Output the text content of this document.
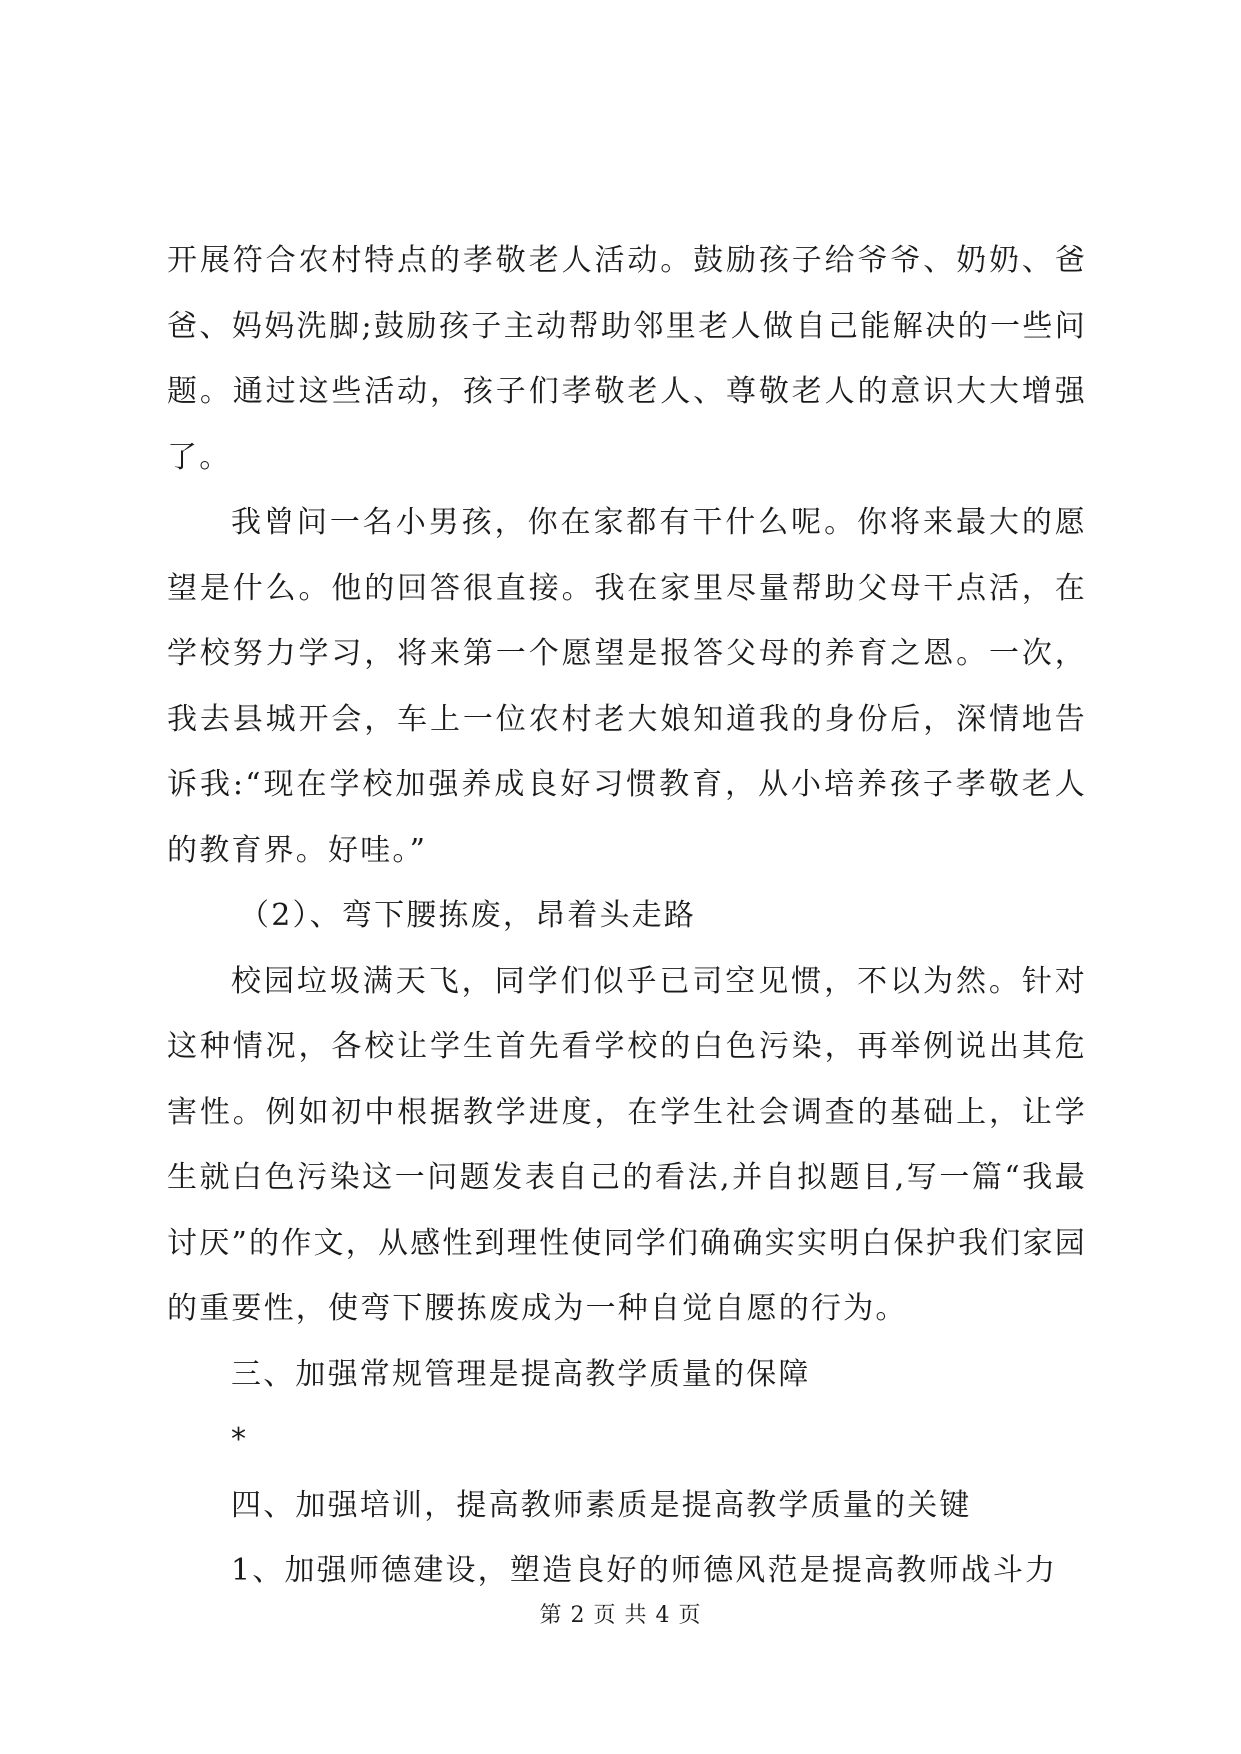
开展符合农村特点的孝敬老人活动。鼓励孩子给爷爷、奶奶、爸爸、妈妈洗脚;鼓励孩子主动帮助邻里老人做自己能解决的一些问题。通过这些活动，孩子们孝敬老人、尊敬老人的意识大大增强了。

我曾问一名小男孩，你在家都有干什么呢。你将来最大的愿望是什么。他的回答很直接。我在家里尽量帮助父母干点活，在学校努力学习，将来第一个愿望是报答父母的养育之恩。一次，我去县城开会，车上一位农村老大娘知道我的身份后，深情地告诉我:“现在学校加强养成良好习惯教育，从小培养孩子孝敬老人的教育界。好哇。”

（2）、弯下腰拣废，昂着头走路

校园垃圾满天飞，同学们似乎已司空见惯，不以为然。针对这种情况，各校让学生首先看学校的白色污染，再举例说出其危害性。例如初中根据教学进度，在学生社会调查的基础上，让学生就白色污染这一问题发表自己的看法,并自拟题目,写一篇“我最讨厌”的作文，从感性到理性使同学们确确实实明白保护我们家园的重要性，使弯下腰拣废成为一种自觉自愿的行为。

三、加强常规管理是提高教学质量的保障

*

四、加强培训，提高教师素质是提高教学质量的关键

1、加强师德建设，塑造良好的师德风范是提高教师战斗力

第 2 页 共 4 页
